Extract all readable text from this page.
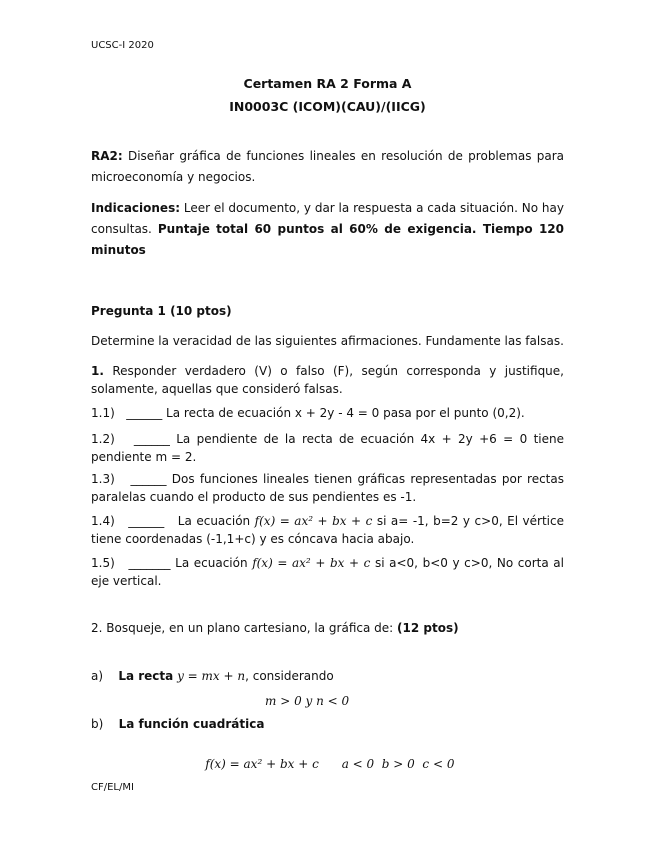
UCSC-I 2020
Certamen RA 2 Forma A
IN0003C (ICOM)(CAU)/(IICG)
RA2: Diseñar gráfica de funciones lineales en resolución de problemas para microeconomía y negocios.
Indicaciones: Leer el documento, y dar la respuesta a cada situación. No hay consultas. Puntaje total 60 puntos al 60% de exigencia. Tiempo 120 minutos
Pregunta 1 (10 ptos)
Determine la veracidad de las siguientes afirmaciones. Fundamente las falsas.
1. Responder verdadero (V) o falso (F), según corresponda y justifique, solamente, aquellas que consideró falsas.
1.1) ______ La recta de ecuación x + 2y - 4 = 0 pasa por el punto (0,2).
1.2) ______ La pendiente de la recta de ecuación 4x + 2y +6 = 0 tiene pendiente m = 2.
1.3) ______ Dos funciones lineales tienen gráficas representadas por rectas paralelas cuando el producto de sus pendientes es -1.
1.4) ______ La ecuación f(x) = ax² + bx + c si a= -1, b=2 y c>0, El vértice tiene coordenadas (-1,1+c) y es cóncava hacia abajo.
1.5) _______ La ecuación f(x) = ax² + bx + c si a<0, b<0 y c>0, No corta al eje vertical.
2. Bosqueje, en un plano cartesiano, la gráfica de: (12 ptos)
a) La recta y = mx + n, considerando
m > 0 y n < 0
b) La función cuadrática

f(x) = ax² + bx + c a < 0  b > 0  c < 0

CF/EL/MI
